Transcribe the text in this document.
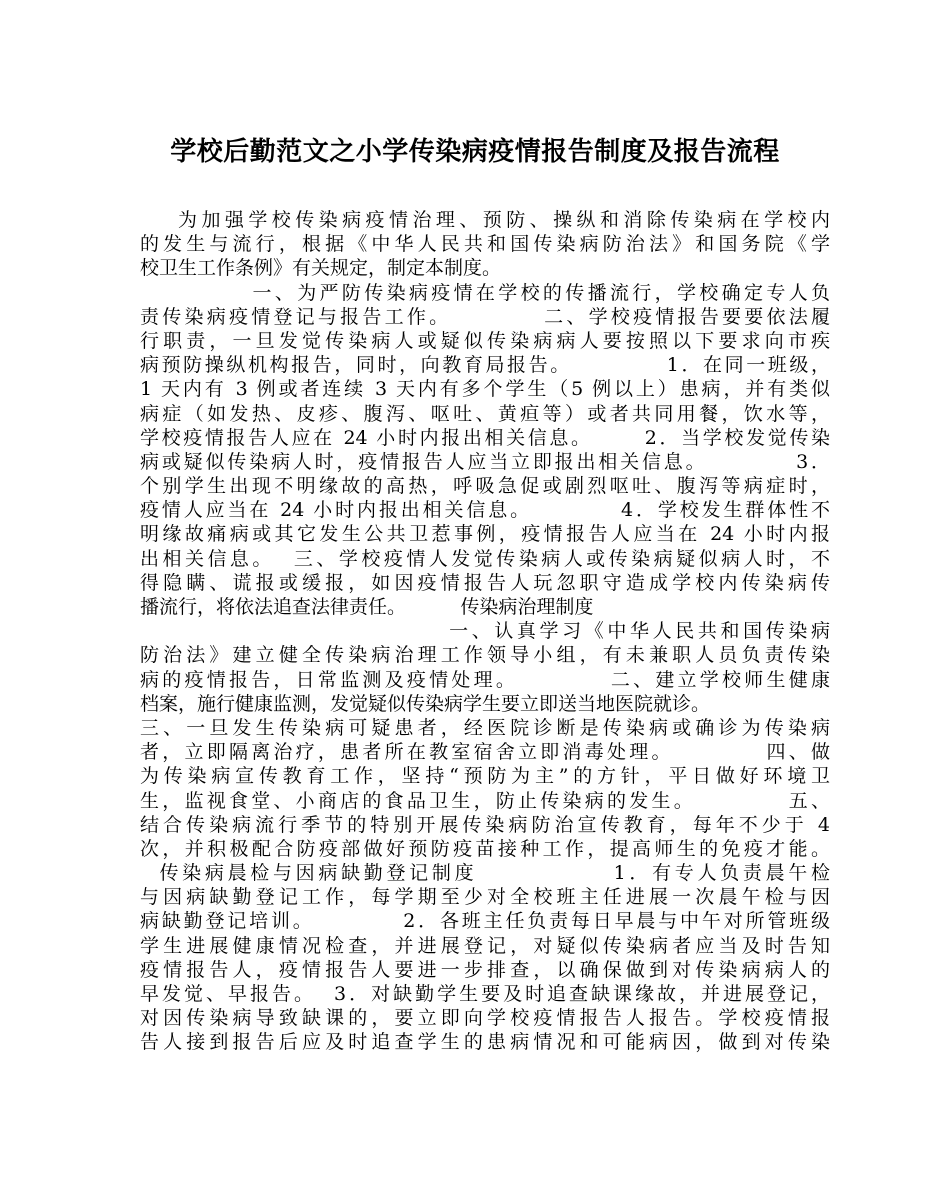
学校后勤范文之小学传染病疫情报告制度及报告流程
为加强学校传染病疫情治理、预防、操纵和消除传染病在学校内
的发生与流行，根据《中华人民共和国传染病防治法》和国务院《学
校卫生工作条例》有关规定，制定本制度。
一、为严防传染病疫情在学校的传播流行，学校确定专人负
责传染病疫情登记与报告工作。          二、学校疫情报告要要依法履
行职责，一旦发觉传染病人或疑似传染病病人要按照以下要求向市疾
病预防操纵机构报告，同时，向教育局报告。           1．在同一班级，
1 天内有 3 例或者连续 3 天内有多个学生（5 例以上）患病，并有类似
病症（如发热、皮疹、腹泻、呕吐、黄疸等）或者共同用餐，饮水等，
学校疫情报告人应在 24 小时内报出相关信息。      2．当学校发觉传染
病或疑似传染病人时，疫情报告人应当立即报出相关信息。          3．
个别学生出现不明缘故的高热，呼吸急促或剧烈呕吐、腹泻等病症时，
疫情人应当在 24 小时内报出相关信息。          4．学校发生群体性不
明缘故痛病或其它发生公共卫惹事例，疫情报告人应当在 24 小时内报
出相关信息。  三、学校疫情人发觉传染病人或传染病疑似病人时，不
得隐瞒、谎报或缓报，如因疫情报告人玩忽职守造成学校内传染病传
播流行，将依法追查法律责任。         传染病治理制度
一、认真学习《中华人民共和国传染病
防治法》建立健全传染病治理工作领导小组，有未兼职人员负责传染
病的疫情报告，日常监测及疫情处理。          二、建立学校师生健康
档案，施行健康监测，发觉疑似传染病学生要立即送当地医院就诊。
三、一旦发生传染病可疑患者，经医院诊断是传染病或确诊为传染病
者，立即隔离治疗，患者所在教室宿舍立即消毒处理。          四、做
为传染病宣传教育工作，坚持“预防为主”的方针，平日做好环境卫
生，监视食堂、小商店的食品卫生，防止传染病的发生。          五、
结合传染病流行季节的特别开展传染病防治宣传教育，每年不少于 4
次，并积极配合防疫部做好预防疫苗接种工作，提高师生的免疫才能。
传染病晨检与因病缺勤登记制度              1．有专人负责晨午检
与因病缺勤登记工作，每学期至少对全校班主任进展一次晨午检与因
病缺勤登记培训。          2．各班主任负责每日早晨与中午对所管班级
学生进展健康情况检查，并进展登记，对疑似传染病者应当及时告知
疫情报告人，疫情报告人要进一步排查，以确保做到对传染病病人的
早发觉、早报告。  3．对缺勤学生要及时追查缺课缘故，并进展登记，
对因传染病导致缺课的，要立即向学校疫情报告人报告。学校疫情报
告人接到报告后应及时追查学生的患病情况和可能病因，做到对传染
